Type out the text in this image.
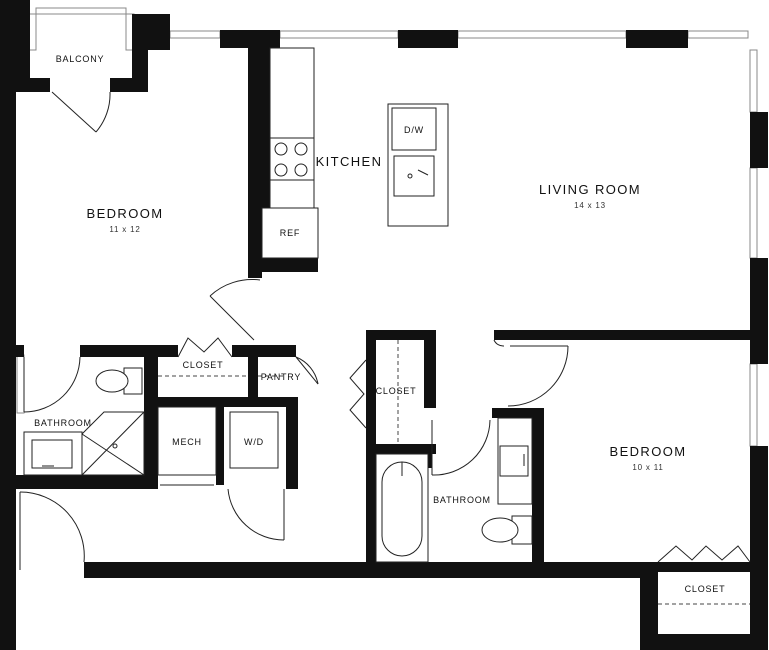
BALCONY
BEDROOM
11 x 12
KITCHEN
D/W
REF
LIVING ROOM
14 x 13
CLOSET
PANTRY
BATHROOM
MECH	W/D
CLOSET
BATHROOM
BEDROOM
10 x 11
CLOSET
